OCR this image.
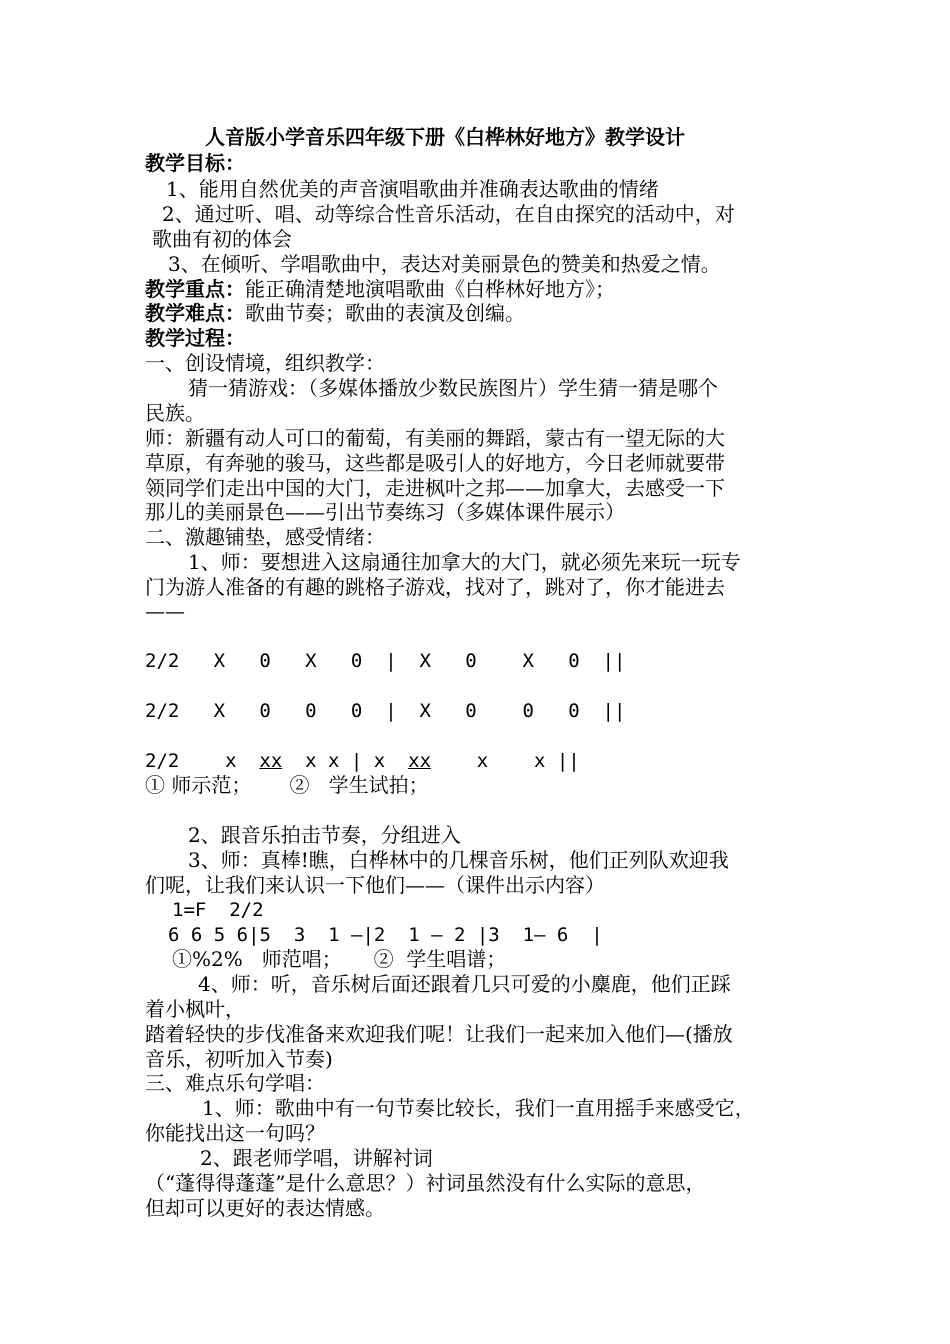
人音版小学音乐四年级下册《白桦林好地方》教学设计
教学目标：
1、能用自然优美的声音演唱歌曲并准确表达歌曲的情绪
2、通过听、唱、动等综合性音乐活动，在自由探究的活动中，对
歌曲有初的体会
3、在倾听、学唱歌曲中，表达对美丽景色的赞美和热爱之情。
教学重点：能正确清楚地演唱歌曲《白桦林好地方》；
教学难点：歌曲节奏；歌曲的表演及创编。
教学过程：
一、创设情境，组织教学：
猜一猜游戏：（多媒体播放少数民族图片）学生猜一猜是哪个
民族。
师：新疆有动人可口的葡萄，有美丽的舞蹈，蒙古有一望无际的大
草原，有奔驰的骏马，这些都是吸引人的好地方，今日老师就要带
领同学们走出中国的大门，走进枫叶之邦——加拿大，去感受一下
那儿的美丽景色——引出节奏练习（多媒体课件展示）
二、激趣铺垫，感受情绪：
1、师：要想进入这扇通往加拿大的大门，就必须先来玩一玩专
门为游人准备的有趣的跳格子游戏，找对了，跳对了，你才能进去
——
2/2   X   0   X   0  |  X   0    X   0  ||
2/2   X   0   0   0  |  X   0    0   0  ||
2/2    x  xx  x x | x  xx    x    x ||
① 师示范；      ②   学生试拍；
2、跟音乐拍击节奏，分组进入
3、师：真棒!瞧，白桦林中的几棵音乐树，他们正列队欢迎我
们呢，让我们来认识一下他们——（课件出示内容）
1=F  2/2
6 6 5 6|5  3  1 —|2  1 — 2 |3  1— 6  |
①%2%   师范唱；     ②  学生唱谱；
4、师：听，音乐树后面还跟着几只可爱的小麋鹿，他们正踩
着小枫叶，
踏着轻快的步伐准备来欢迎我们呢！让我们一起来加入他们—(播放
音乐，初听加入节奏)
三、难点乐句学唱：
1、师：歌曲中有一句节奏比较长，我们一直用摇手来感受它，
你能找出这一句吗？
2、跟老师学唱，讲解衬词
（“蓬得得蓬蓬”是什么意思？）衬词虽然没有什么实际的意思，
但却可以更好的表达情感。
